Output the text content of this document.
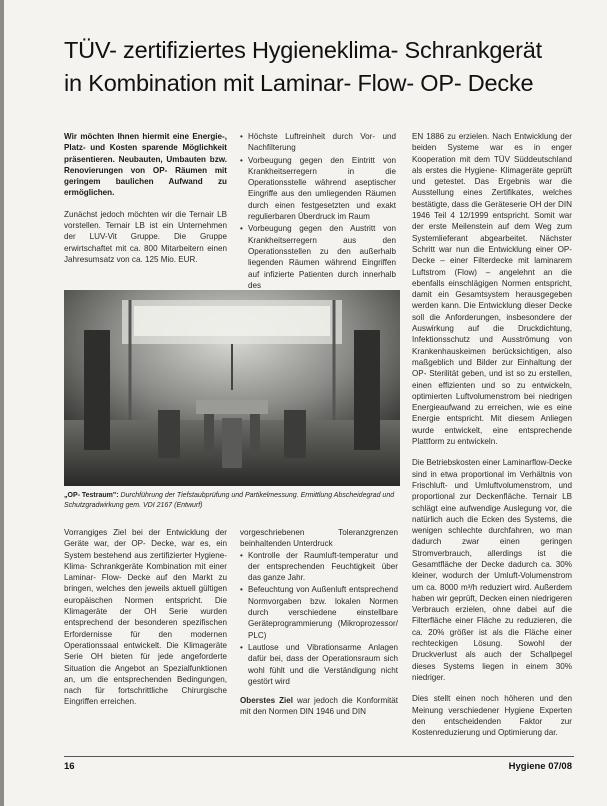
TÜV- zertifiziertes Hygieneklima- Schrankgerät
in Kombination mit Laminar- Flow- OP- Decke

Wir möchten Ihnen hiermit eine Energie-, Platz- und Kosten sparende Möglichkeit präsentieren. Neubauten, Umbauten bzw. Renovierungen von OP- Räumen mit geringem baulichen Aufwand zu ermöglichen.

Zunächst jedoch möchten wir die Ternair LB vorstellen. Ternair LB ist ein Unternehmen der LUV-Vit Gruppe. Die Gruppe erwirtschaftet mit ca. 800 Mitarbeitern einen Jahresumsatz von ca. 125 Mio. EUR.

• Höchste Luftreinheit durch Vor- und Nachfilterung
• Vorbeugung gegen den Eintritt von Krankheitserregern in die Operationsstelle während aseptischer Eingriffe aus den umliegenden Räumen durch einen festgesetzten und exakt regulierbaren Überdruck im Raum
• Vorbeugung gegen den Austritt von Krankheitserregern aus den Operationsstellen zu den außerhalb liegenden Räumen während Eingriffen auf infizierte Patienten durch innerhalb des

EN 1886 zu erzielen. Nach Entwicklung der beiden Systeme war es in enger Kooperation mit dem TÜV Süddeutschland als erstes die Hygiene- Klimageräte geprüft und getestet. Das Ergebnis war die Ausstellung eines Zertifikates, welches bestätigte, dass die Geräteserie OH der DIN 1946 Teil 4 12/1999 entspricht. Somit war der erste Meilenstein auf dem Weg zum Systemlieferant abgearbeitet. Nächster Schritt war nun die Entwicklung einer OP- Decke – einer Filterdecke mit laminarem Luftstrom (Flow) – angelehnt an die ebenfalls einschlägigen Normen entspricht, damit ein Gesamtsystem herausgegeben werden kann. Die Entwicklung dieser Decke soll die Anforderungen, insbesondere der Auswirkung auf die Druckdichtung, Infektionsschutz und Ausströmung von Krankenhauskeimen berücksichtigen, also maßgeblich und Bilder zur Einhaltung der OP- Sterilität geben, und ist so zu erstellen, einen effizienten und so zu entwickeln, optimierten Luftvolumenstrom bei niedrigen Energieaufwand zu erreichen, wie es eine Energie entspricht. Mit diesem Anliegen wurde entwickelt, eine entsprechende Plattform zu entwickeln.

Die Betriebskosten einer Laminarflow-Decke sind in etwa proportional im Verhältnis von Frischluft- und Umluftvolumenstrom, und proportional zur Deckenfläche. Ternair LB schlägt eine aufwendige Auslegung vor, die natürlich auch die Ecken des Systems, die wenigen schlechte durchfahren, wo man dadurch zwar einen geringen Stromverbrauch, allerdings ist die Gesamtfläche der Decke dadurch ca. 30% kleiner, wodurch der Umluft-Volumenstrom um ca. 8000 m³/h reduziert wird. Außerdem haben wir geprüft, Decken einen niedrigeren Verbrauch erzielen, ohne dabei auf die Filterfläche einer Fläche zu reduzieren, die ca. 20% größer ist als die Fläche einer rechteckigen Lösung. Sowohl der Druckverlust als auch der Schallpegel dieses Systems liegen in einem 30% niedriger.

Dies stellt einen noch höheren und den Meinung verschiedener Hygiene Experten den entscheidenden Faktor zur Kostenreduzierung und Optimierung dar.

„OP- Testraum": Durchführung der Tiefstaubprüfung und Partikelmessung. Ermittlung Abscheidegrad und Schutzgradwirkung gem. VDI 2167 (Entwurf)

Vorrangiges Ziel bei der Entwicklung der Geräte war, der OP- Decke, war es, ein System bestehend aus zertifizierter Hygiene- Klima- Schrankgeräte Kombination mit einer Laminar- Flow- Decke auf den Markt zu bringen, welches den jeweils aktuell gültigen europäischen Normen entspricht. Die Klimageräte der OH Serie wurden entsprechend der besonderen spezifischen Erfordernisse für den modernen Operationssaal entwickelt. Die Klimageräte Serie OH bieten für jede angeforderte Situation die Angebot an Spezialfunktionen an, um die entsprechenden Bedingungen, nach für fortschrittliche Chirurgische Eingriffen erreichen.

vorgeschriebenen Toleranzgrenzen beinhaltenden Unterdruck

• Kontrolle der Raumluft-temperatur und der entsprechenden Feuchtigkeit über das ganze Jahr.
• Befeuchtung von Außenluft entsprechend Normvorgaben bzw. lokalen Normen durch verschiedene einstellbare Geräteprogrammierung (Mikroprozessor/ PLC)
• Lautlose und Vibrationsarme Anlagen dafür bei, dass der Operationsraum sich wohl fühlt und die Verständigung nicht gestört wird

Oberstes Ziel war jedoch die Konformität mit den Normen DIN 1946 und DIN

16	Hygiene 07/08
